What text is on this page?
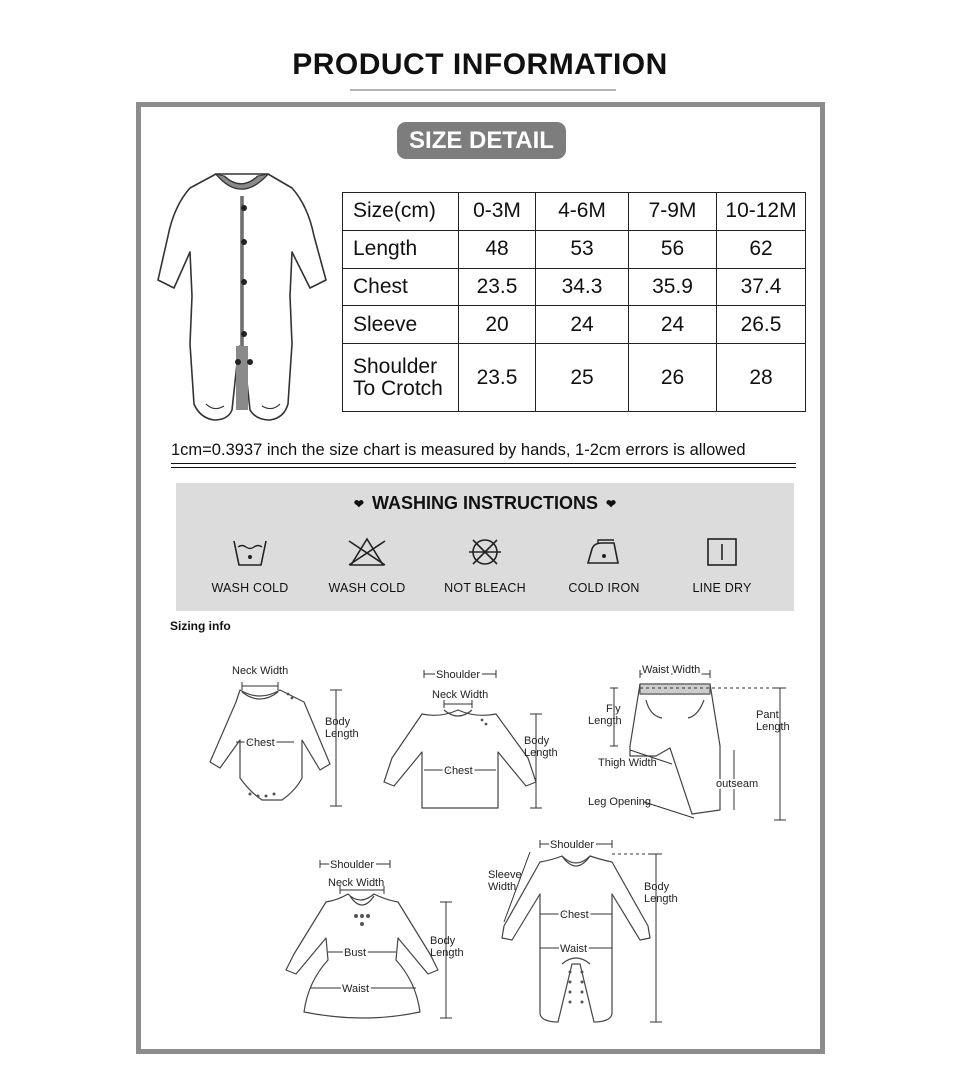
PRODUCT INFORMATION
SIZE DETAIL
Size(cm)	0-3M	4-6M	7-9M	10-12M
Length	48	53	56	62
Chest	23.5	34.3	35.9	37.4
Sleeve	20	24	24	26.5
Shoulder
To Crotch	23.5	25	26	28
1cm=0.3937 inch the size chart is measured by hands, 1-2cm errors is allowed
❤ WASHING INSTRUCTIONS ❤
WASH COLD	WASH COLD	NOT BLEACH	COLD IRON	LINE DRY
Sizing info
Neck Width
Body
Length
Chest
Shoulder
Neck Width
Body
Length
Chest
Waist Width
Fly
Length	Pant
Length
Thigh Width
outseam
Leg Opening
Shoulder
Neck Width
Body
Length
Bust
Waist
Shoulder
Sleeve
Width	Body
Length
Chest
Waist
